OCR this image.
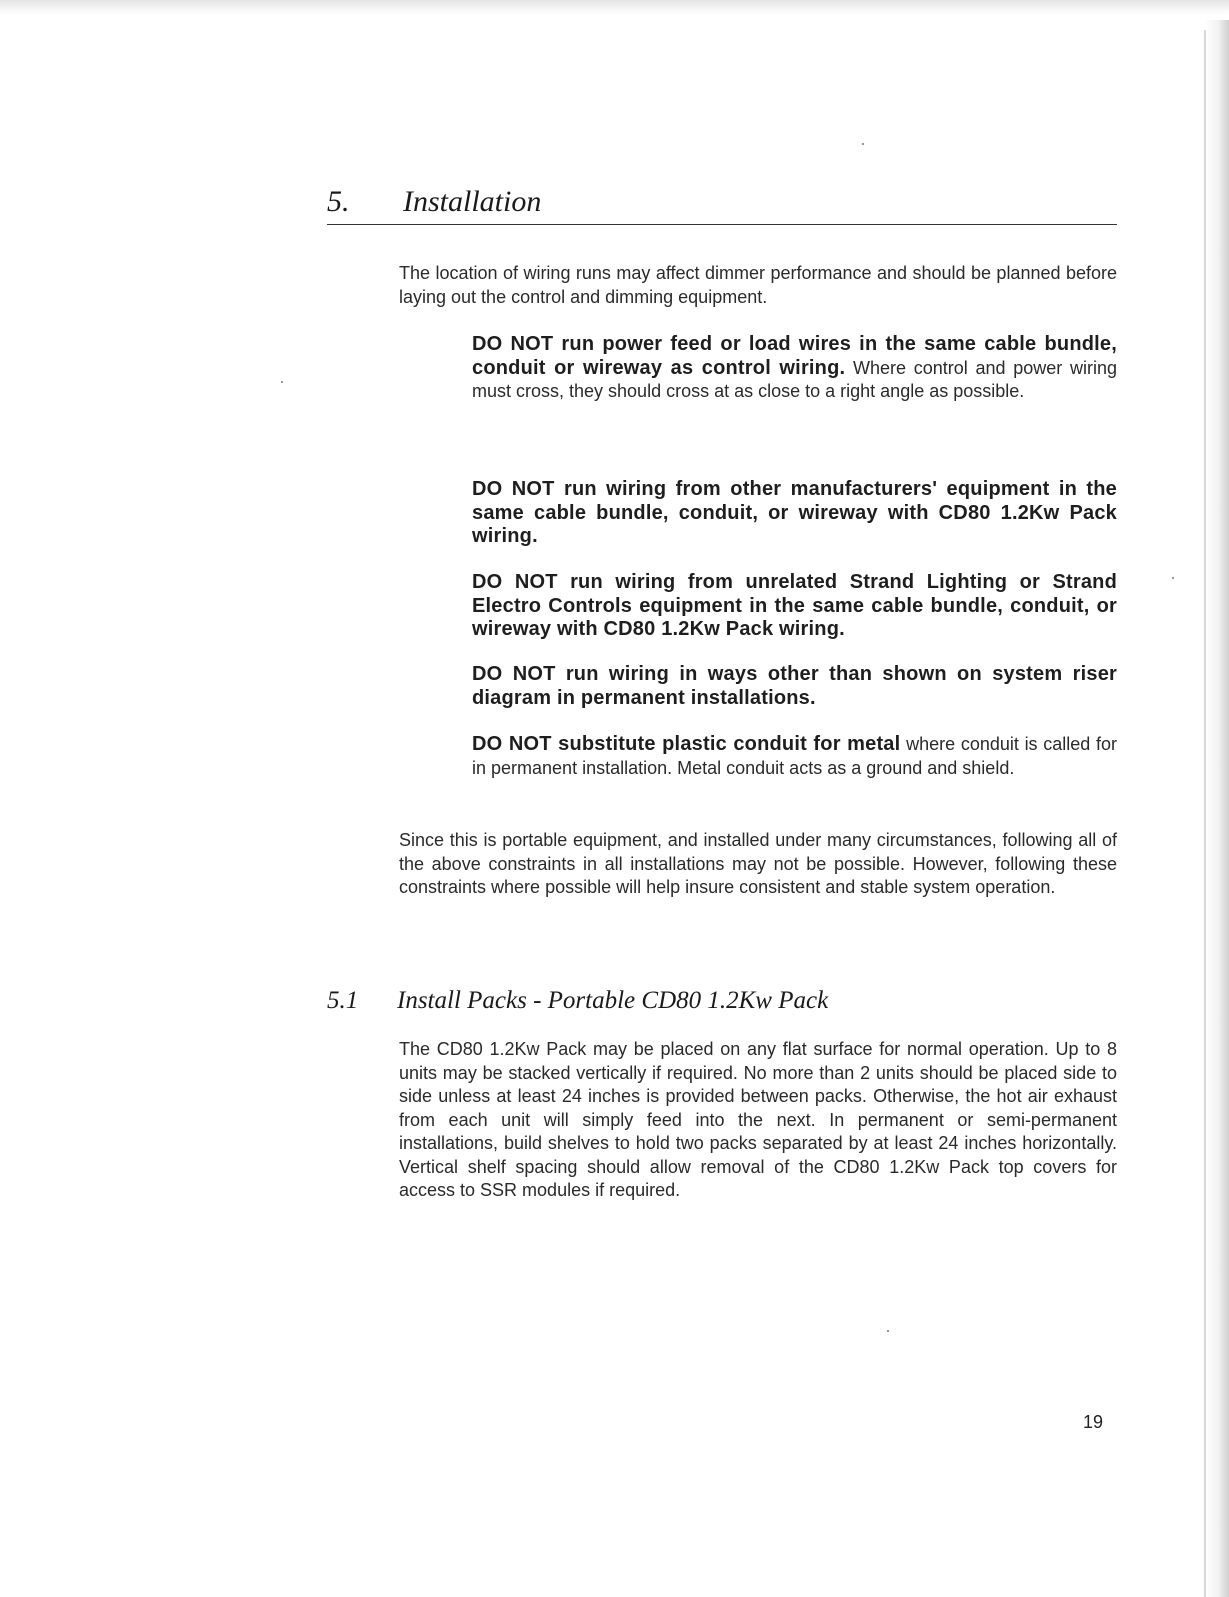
5. Installation

The location of wiring runs may affect dimmer performance and should be planned before laying out the control and dimming equipment.

DO NOT run power feed or load wires in the same cable bundle, conduit or wireway as control wiring. Where control and power wiring must cross, they should cross at as close to a right angle as possible.

DO NOT run wiring from other manufacturers' equipment in the same cable bundle, conduit, or wireway with CD80 1.2Kw Pack wiring.

DO NOT run wiring from unrelated Strand Lighting or Strand Electro Controls equipment in the same cable bundle, conduit, or wireway with CD80 1.2Kw Pack wiring.

DO NOT run wiring in ways other than shown on system riser diagram in permanent installations.

DO NOT substitute plastic conduit for metal where conduit is called for in permanent installation. Metal conduit acts as a ground and shield.

Since this is portable equipment, and installed under many circumstances, following all of the above constraints in all installations may not be possible. However, following these constraints where possible will help insure consistent and stable system operation.

5.1 Install Packs - Portable CD80 1.2Kw Pack

The CD80 1.2Kw Pack may be placed on any flat surface for normal operation. Up to 8 units may be stacked vertically if required. No more than 2 units should be placed side to side unless at least 24 inches is provided between packs. Otherwise, the hot air exhaust from each unit will simply feed into the next. In permanent or semi-permanent installations, build shelves to hold two packs separated by at least 24 inches horizontally. Vertical shelf spacing should allow removal of the CD80 1.2Kw Pack top covers for access to SSR modules if required.

19
